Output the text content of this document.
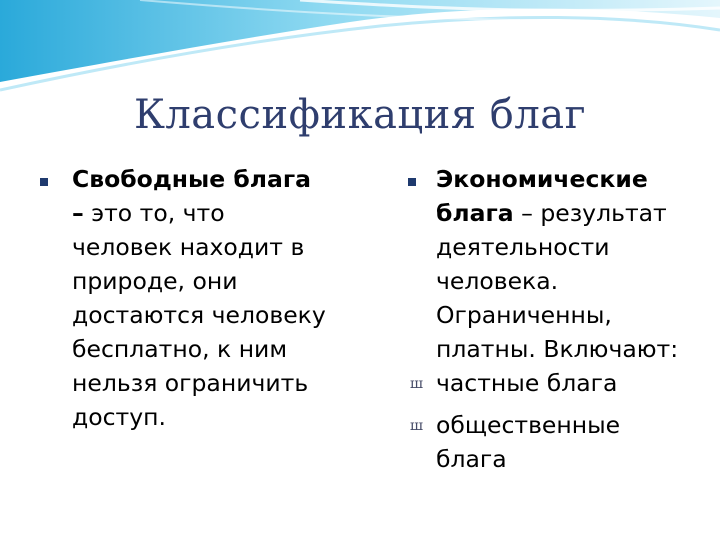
Классификация благ
Свободные блага
– это то, что
человек находит в
природе, они
достаются человеку
бесплатно, к ним
нельзя ограничить
доступ.
Экономические
блага – результат
деятельности
человека.
Ограниченны,
платны. Включают:
ш частные блага
ш общественные
блага
